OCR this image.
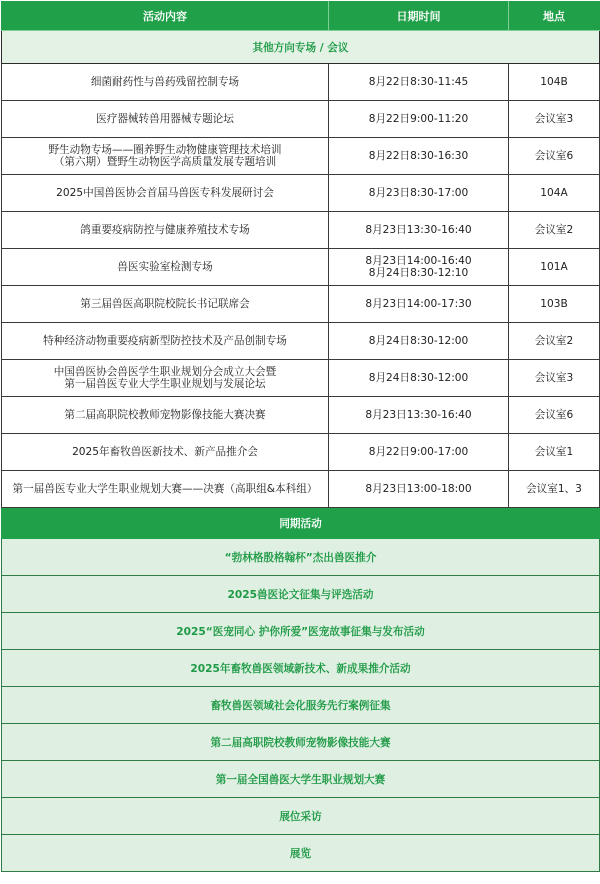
活动内容	日期时间	地点
其他方向专场 / 会议		

细菌耐药性与兽药残留控制专场	8月22日8:30-11:45	104B

医疗器械转兽用器械专题论坛	8月22日9:00-11:20	会议室3

野生动物专场——圈养野生动物健康管理技术培训
（第六期）暨野生动物医学高质量发展专题培训	8月22日8:30-16:30	会议室6

2025中国兽医协会首届马兽医专科发展研讨会	8月23日8:30-17:00	104A

鸽重要疫病防控与健康养殖技术专场	8月23日13:30-16:40	会议室2

兽医实验室检测专场	8月23日14:00-16:40
8月24日8:30-12:10	101A

第三届兽医高职院校院长书记联席会	8月23日14:00-17:30	103B

特种经济动物重要疫病新型防控技术及产品创制专场	8月24日8:30-12:00	会议室2

中国兽医协会兽医学生职业规划分会成立大会暨
第一届兽医专业大学生职业规划与发展论坛	8月24日8:30-12:00	会议室3

第二届高职院校教师宠物影像技能大赛决赛	8月23日13:30-16:40	会议室6

2025年畜牧兽医新技术、新产品推介会	8月22日9:00-17:00	会议室1

第一届兽医专业大学生职业规划大赛——决赛（高职组&本科组）	8月23日13:00-18:00	会议室1、3
同期活动		
“勃林格殷格翰杯”杰出兽医推介		
2025兽医论文征集与评选活动		
2025“医宠同心 护你所爱”医宠故事征集与发布活动		
2025年畜牧兽医领域新技术、新成果推介活动		
畜牧兽医领域社会化服务先行案例征集		
第二届高职院校教师宠物影像技能大赛		
第一届全国兽医大学生职业规划大赛		
展位采访		
展览		
